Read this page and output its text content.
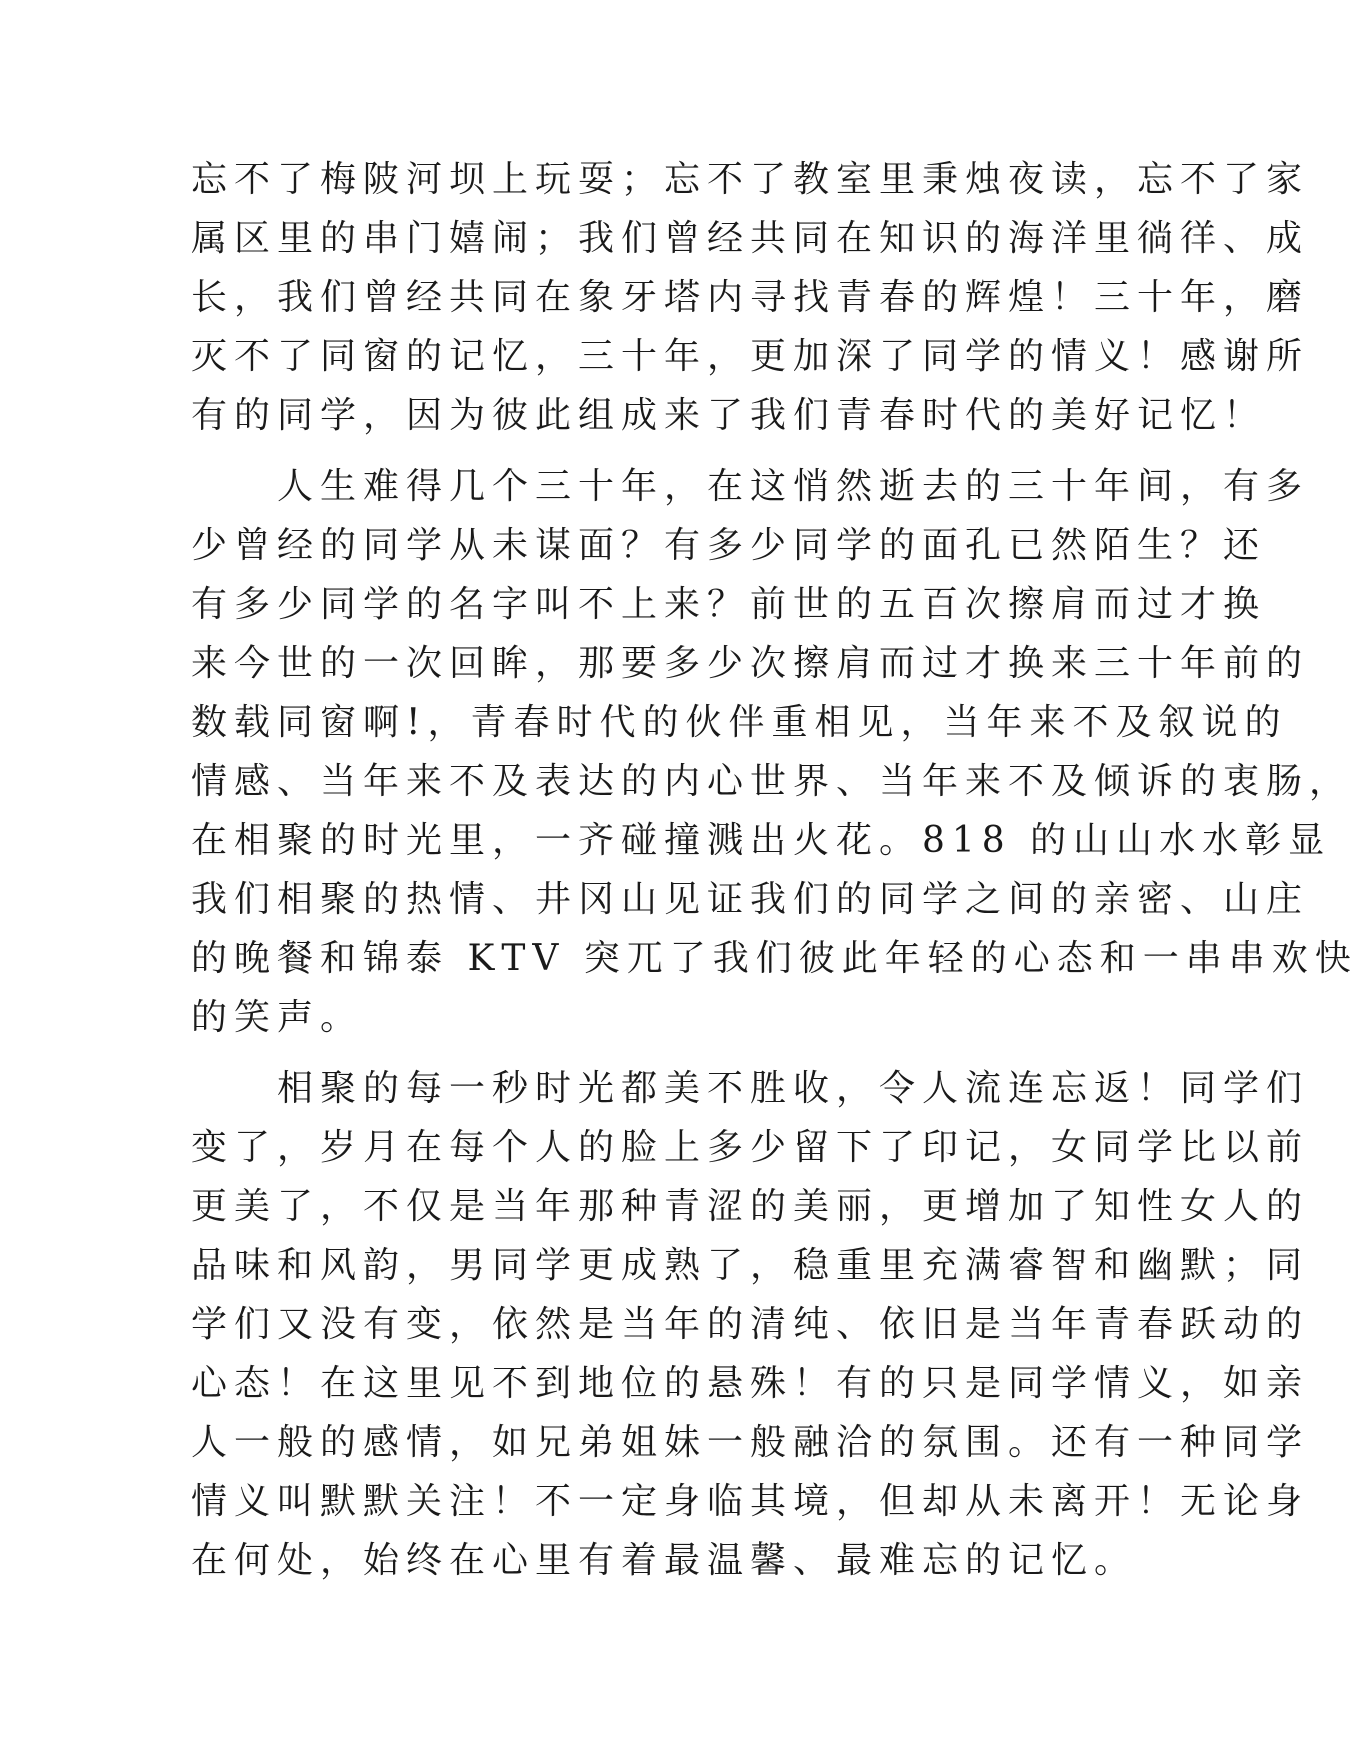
忘不了梅陂河坝上玩耍；忘不了教室里秉烛夜读，忘不了家
属区里的串门嬉闹；我们曾经共同在知识的海洋里徜徉、成
长，我们曾经共同在象牙塔内寻找青春的辉煌！三十年，磨
灭不了同窗的记忆，三十年，更加深了同学的情义！感谢所
有的同学，因为彼此组成来了我们青春时代的美好记忆！
　　人生难得几个三十年，在这悄然逝去的三十年间，有多
少曾经的同学从未谋面？有多少同学的面孔已然陌生？还
有多少同学的名字叫不上来？前世的五百次擦肩而过才换
来今世的一次回眸，那要多少次擦肩而过才换来三十年前的
数载同窗啊!，青春时代的伙伴重相见，当年来不及叙说的
情感、当年来不及表达的内心世界、当年来不及倾诉的衷肠，
在相聚的时光里，一齐碰撞溅出火花。818 的山山水水彰显
我们相聚的热情、井冈山见证我们的同学之间的亲密、山庄
的晚餐和锦泰 KTV 突兀了我们彼此年轻的心态和一串串欢快
的笑声。
　　相聚的每一秒时光都美不胜收，令人流连忘返！同学们
变了，岁月在每个人的脸上多少留下了印记，女同学比以前
更美了，不仅是当年那种青涩的美丽，更增加了知性女人的
品味和风韵，男同学更成熟了，稳重里充满睿智和幽默；同
学们又没有变，依然是当年的清纯、依旧是当年青春跃动的
心态！在这里见不到地位的悬殊！有的只是同学情义，如亲
人一般的感情，如兄弟姐妹一般融洽的氛围。还有一种同学
情义叫默默关注！不一定身临其境，但却从未离开！无论身
在何处，始终在心里有着最温馨、最难忘的记忆。
